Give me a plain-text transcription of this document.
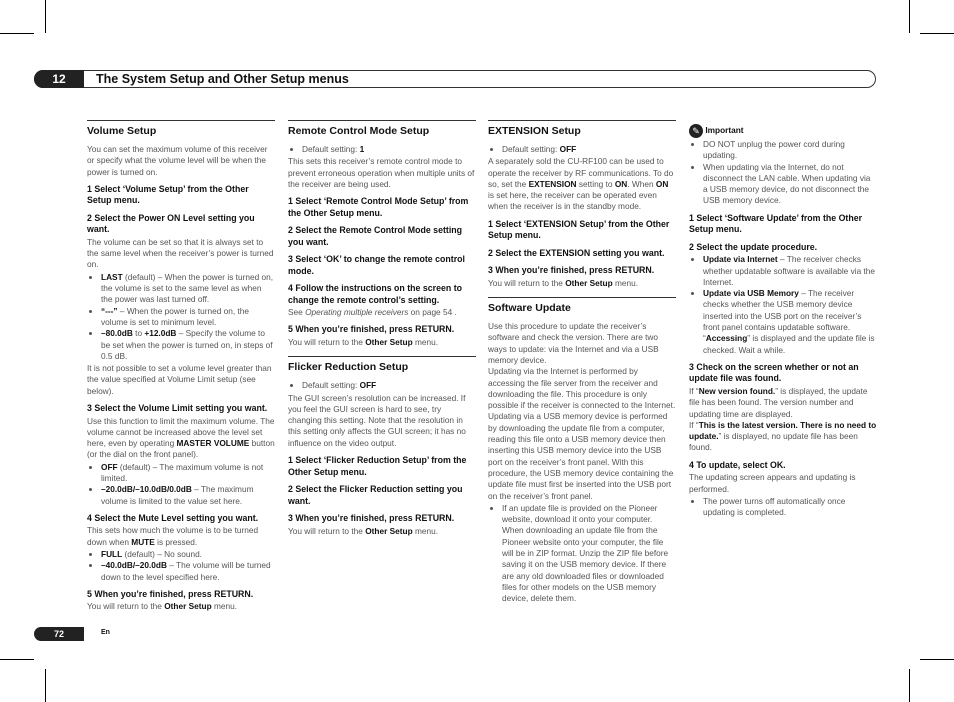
12	The System Setup and Other Setup menus
Volume Setup

You can set the maximum volume of this receiver or specify what the volume level will be when the power is turned on.

1 Select ‘Volume Setup’ from the Other Setup menu.
2 Select the Power ON Level setting you want.

The volume can be set so that it is always set to the same level when the receiver’s power is turned on.

• LAST (default) – When the power is turned on, the volume is set to the same level as when the power was last turned off.
• “---” – When the power is turned on, the volume is set to minimum level.
• –80.0dB to +12.0dB – Specify the volume to be set when the power is turned on, in steps of 0.5 dB.

It is not possible to set a volume level greater than the value specified at Volume Limit setup (see below).

3 Select the Volume Limit setting you want.

Use this function to limit the maximum volume. The volume cannot be increased above the level set here, even by operating MASTER VOLUME button (or the dial on the front panel).

• OFF (default) – The maximum volume is not limited.
• –20.0dB/–10.0dB/0.0dB – The maximum volume is limited to the value set here.
4 Select the Mute Level setting you want.

This sets how much the volume is to be turned down when MUTE is pressed.

• FULL (default) – No sound.
• –40.0dB/–20.0dB – The volume will be turned down to the level specified here.
5 When you’re finished, press RETURN.

You will return to the Other Setup menu.

Remote Control Mode Setup
• Default setting: 1

This sets this receiver’s remote control mode to prevent erroneous operation when multiple units of the receiver are being used.

1 Select ‘Remote Control Mode Setup’ from the Other Setup menu.
2 Select the Remote Control Mode setting you want.
3 Select ‘OK’ to change the remote control mode.
4 Follow the instructions on the screen to change the remote control’s setting.

See Operating multiple receivers on page 54 .

5 When you’re finished, press RETURN.

You will return to the Other Setup menu.

Flicker Reduction Setup
• Default setting: OFF

The GUI screen’s resolution can be increased. If you feel the GUI screen is hard to see, try changing this setting. Note that the resolution in this setting only affects the GUI screen; it has no influence on the video output.

1 Select ‘Flicker Reduction Setup’ from the Other Setup menu.
2 Select the Flicker Reduction setting you want.
3 When you’re finished, press RETURN.

You will return to the Other Setup menu.

EXTENSION Setup
• Default setting: OFF

A separately sold the CU-RF100 can be used to operate the receiver by RF communications. To do so, set the EXTENSION setting to ON. When ON is set here, the receiver can be operated even when the receiver is in the standby mode.

1 Select ‘EXTENSION Setup’ from the Other Setup menu.
2 Select the EXTENSION setting you want.
3 When you’re finished, press RETURN.

You will return to the Other Setup menu.

Software Update

Use this procedure to update the receiver’s software and check the version. There are two ways to update: via the Internet and via a USB memory device.

Updating via the Internet is performed by accessing the file server from the receiver and downloading the file. This procedure is only possible if the receiver is connected to the Internet.

Updating via a USB memory device is performed by downloading the update file from a computer, reading this file onto a USB memory device then inserting this USB memory device into the USB port on the receiver’s front panel. With this procedure, the USB memory device containing the update file must first be inserted into the USB port on the receiver’s front panel.

• If an update file is provided on the Pioneer website, download it onto your computer. When downloading an update file from the Pioneer website onto your computer, the file will be in ZIP format. Unzip the ZIP file before saving it on the USB memory device. If there are any old downloaded files or downloaded files for other models on the USB memory device, delete them.
✎ Important
• DO NOT unplug the power cord during updating.
• When updating via the Internet, do not disconnect the LAN cable. When updating via a USB memory device, do not disconnect the USB memory device.
1 Select ‘Software Update’ from the Other Setup menu.
2 Select the update procedure.
• Update via Internet – The receiver checks whether updatable software is available via the Internet.
• Update via USB Memory – The receiver checks whether the USB memory device inserted into the USB port on the receiver’s front panel contains updatable software. “Accessing” is displayed and the update file is checked. Wait a while.
3 Check on the screen whether or not an update file was found.

If “New version found.” is displayed, the update file has been found. The version number and updating time are displayed.

If “This is the latest version. There is no need to update.” is displayed, no update file has been found.

4 To update, select OK.

The updating screen appears and updating is performed.

• The power turns off automatically once updating is completed.
72	En
